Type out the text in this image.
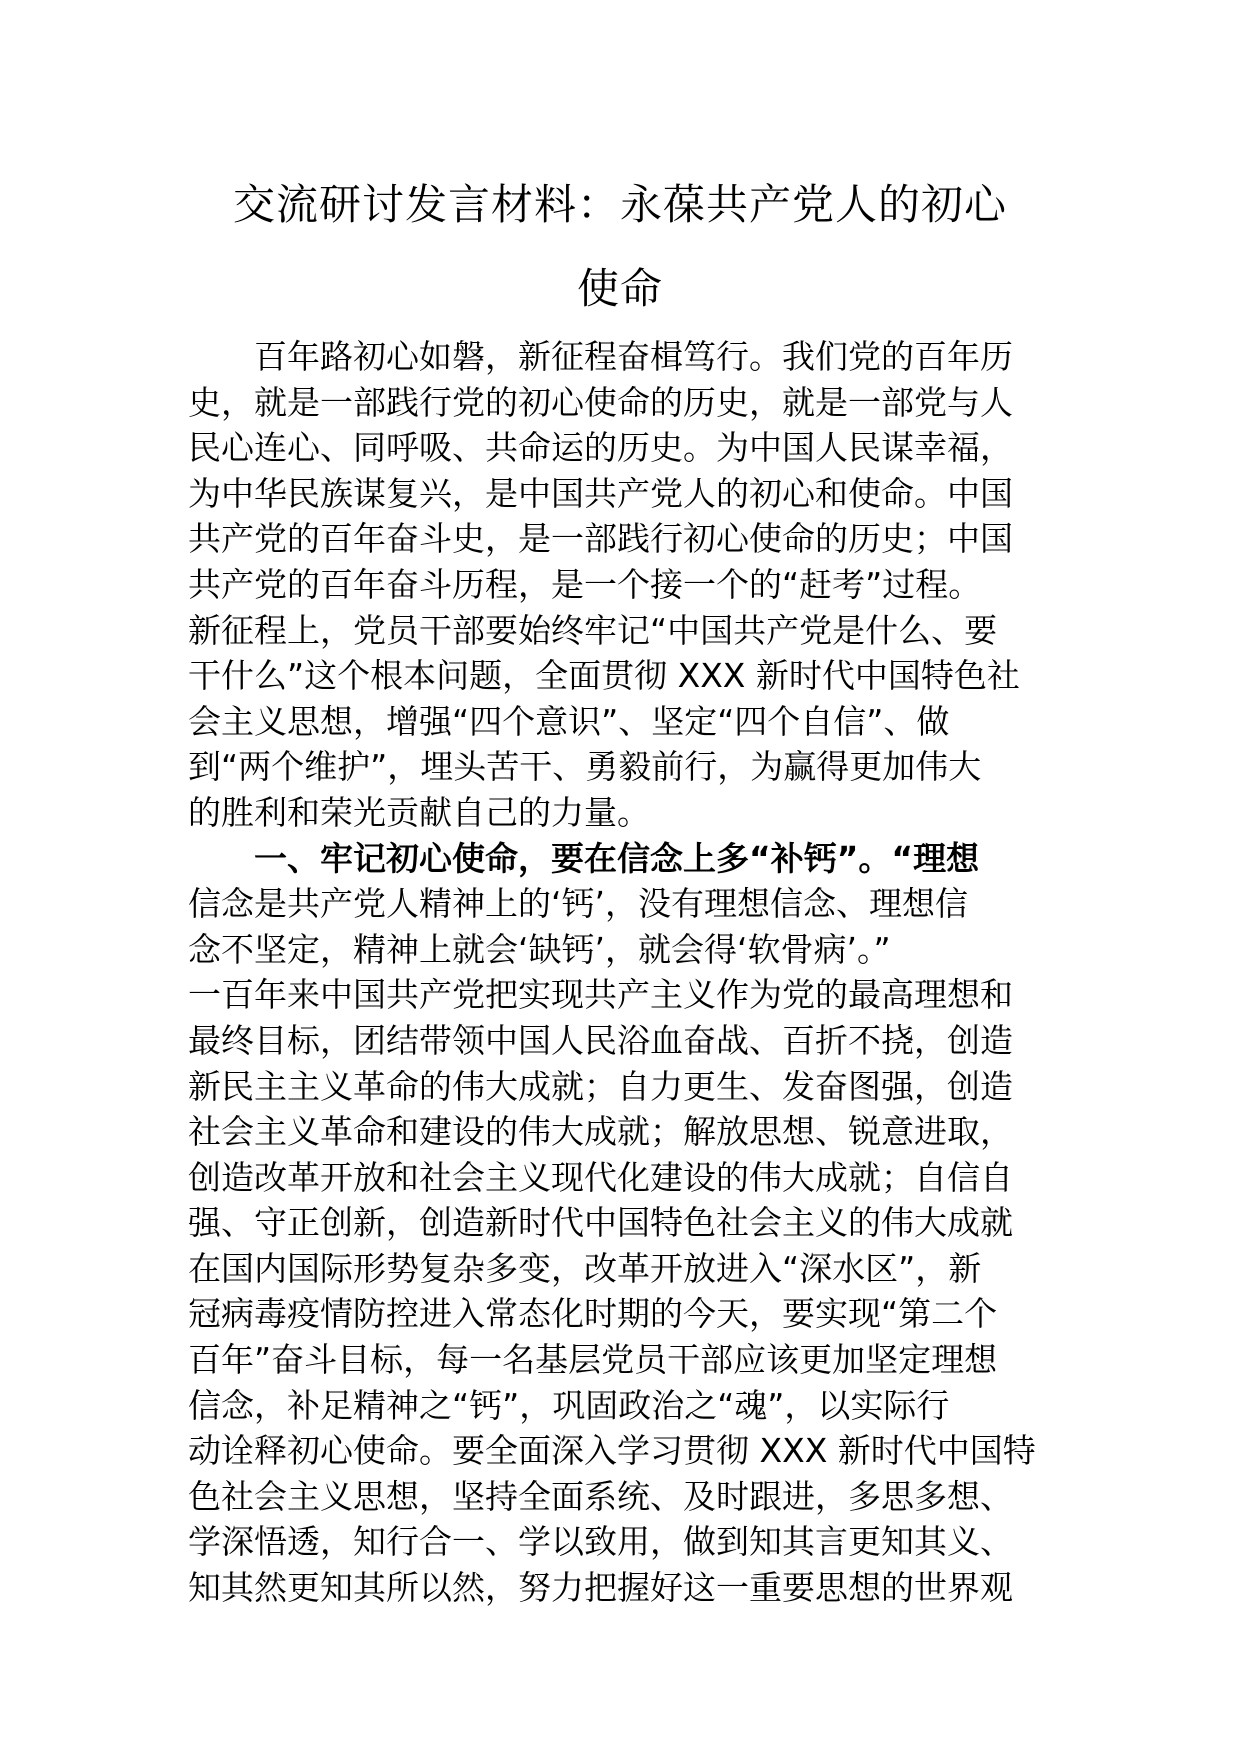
交流研讨发言材料：永葆共产党人的初心
使命
百年路初心如磐，新征程奋楫笃行。我们党的百年历
史，就是一部践行党的初心使命的历史，就是一部党与人
民心连心、同呼吸、共命运的历史。为中国人民谋幸福，
为中华民族谋复兴，是中国共产党人的初心和使命。中国
共产党的百年奋斗史，是一部践行初心使命的历史；中国
共产党的百年奋斗历程，是一个接一个的“赶考”过程。
新征程上，党员干部要始终牢记“中国共产党是什么、要
干什么”这个根本问题，全面贯彻 XXX 新时代中国特色社
会主义思想，增强“四个意识”、坚定“四个自信”、做
到“两个维护”，埋头苦干、勇毅前行，为赢得更加伟大
的胜利和荣光贡献自己的力量。
一、牢记初心使命，要在信念上多“补钙”。“理想
信念是共产党人精神上的‘钙’，没有理想信念、理想信
念不坚定，精神上就会‘缺钙’，就会得‘软骨病’。”
一百年来中国共产党把实现共产主义作为党的最高理想和
最终目标，团结带领中国人民浴血奋战、百折不挠，创造
新民主主义革命的伟大成就；自力更生、发奋图强，创造
社会主义革命和建设的伟大成就；解放思想、锐意进取，
创造改革开放和社会主义现代化建设的伟大成就；自信自
强、守正创新，创造新时代中国特色社会主义的伟大成就
在国内国际形势复杂多变，改革开放进入“深水区”，新
冠病毒疫情防控进入常态化时期的今天，要实现“第二个
百年”奋斗目标，每一名基层党员干部应该更加坚定理想
信念，补足精神之“钙”，巩固政治之“魂”，以实际行
动诠释初心使命。要全面深入学习贯彻 XXX 新时代中国特
色社会主义思想，坚持全面系统、及时跟进，多思多想、
学深悟透，知行合一、学以致用，做到知其言更知其义、
知其然更知其所以然，努力把握好这一重要思想的世界观
